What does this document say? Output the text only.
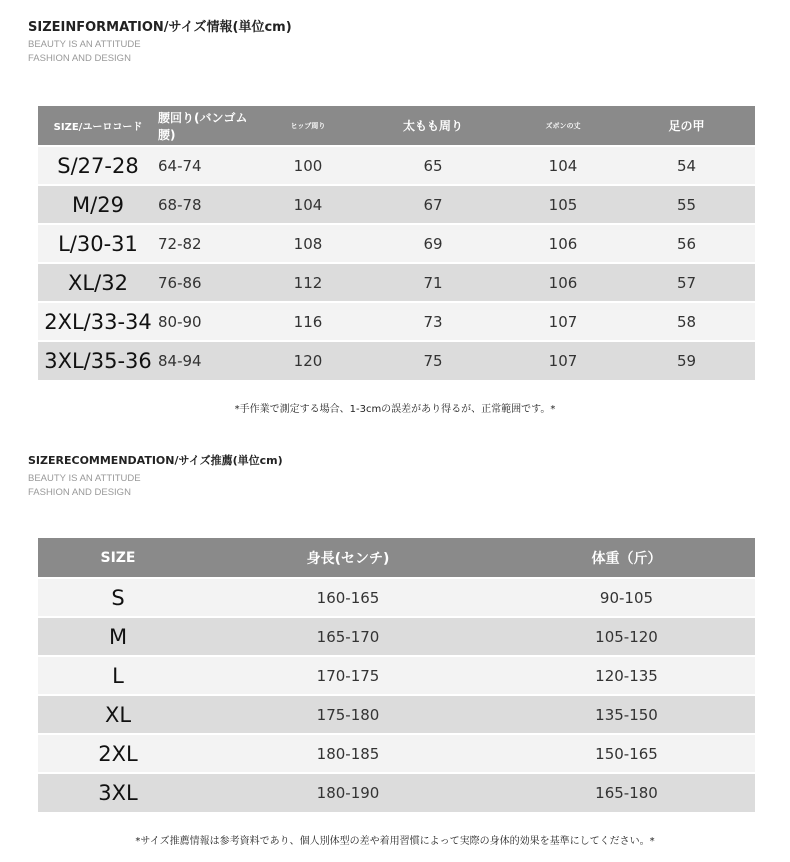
SIZEINFORMATION/サイズ情報(単位cm)
BEAUTY IS AN ATTITUDE
FASHION AND DESIGN
SIZE/ユーロコード	腰回り(バンゴム腰)	ヒップ周り	太もも周り	ズボンの丈	足の甲
S/27-28	64-74	100	65	104	54
M/29	68-78	104	67	105	55
L/30-31	72-82	108	69	106	56
XL/32	76-86	112	71	106	57
2XL/33-34	80-90	116	73	107	58
3XL/35-36	84-94	120	75	107	59
*手作業で測定する場合、1-3cmの誤差があり得るが、正常範囲です。*
SIZERECOMMENDATION/サイズ推薦(単位cm)
BEAUTY IS AN ATTITUDE
FASHION AND DESIGN
SIZE	身長(センチ)	体重（斤）
S	160-165	90-105
M	165-170	105-120
L	170-175	120-135
XL	175-180	135-150
2XL	180-185	150-165
3XL	180-190	165-180
*サイズ推薦情報は参考資料であり、個人別体型の差や着用習慣によって実際の身体的効果を基準にしてください。*
